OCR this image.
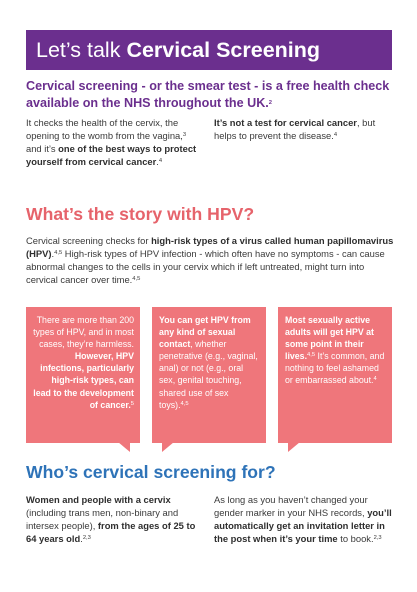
Let’s talk Cervical Screening
Cervical screening - or the smear test - is a free health check available on the NHS throughout the UK.$^2$
It checks the health of the cervix, the opening to the womb from the vagina,$^3$ and it’s one of the best ways to protect yourself from cervical cancer.$^4$
It’s not a test for cervical cancer, but helps to prevent the disease.$^4$
What’s the story with HPV?
Cervical screening checks for high-risk types of a virus called human papillomavirus (HPV).$^{4,5}$ High-risk types of HPV infection - which often have no symptoms - can cause abnormal changes to the cells in your cervix which if left untreated, might turn into cervical cancer over time.$^{4,5}$
There are more than 200 types of HPV, and in most cases, they’re harmless. However, HPV infections, particularly high-risk types, can lead to the development of cancer.$^5$
You can get HPV from any kind of sexual contact, whether penetrative (e.g., vaginal, anal) or not (e.g., oral sex, genital touching, shared use of sex toys).$^{4,5}$
Most sexually active adults will get HPV at some point in their lives.$^{4,5}$ It’s common, and nothing to feel ashamed or embarrassed about.$^4$
Who’s cervical screening for?
Women and people with a cervix (including trans men, non-binary and intersex people), from the ages of 25 to 64 years old.$^{2,3}$
As long as you haven’t changed your gender marker in your NHS records, you’ll automatically get an invitation letter in the post when it’s your time to book.$^{2,3}$
